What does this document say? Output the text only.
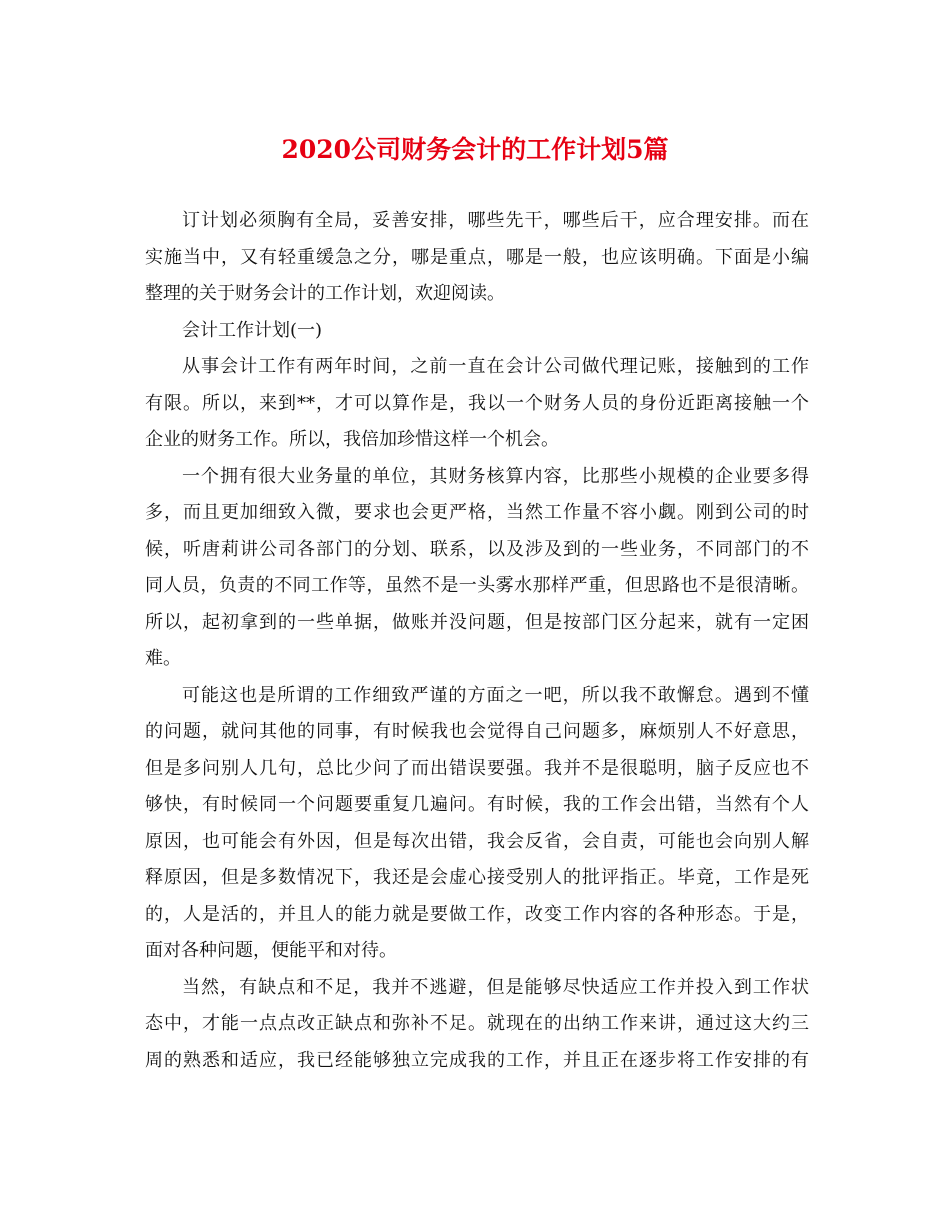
2020公司财务会计的工作计划5篇
订计划必须胸有全局，妥善安排，哪些先干，哪些后干，应合理安排。而在
实施当中，又有轻重缓急之分，哪是重点，哪是一般，也应该明确。下面是小编
整理的关于财务会计的工作计划，欢迎阅读。
会计工作计划(一)
从事会计工作有两年时间，之前一直在会计公司做代理记账，接触到的工作
有限。所以，来到**，才可以算作是，我以一个财务人员的身份近距离接触一个
企业的财务工作。所以，我倍加珍惜这样一个机会。
一个拥有很大业务量的单位，其财务核算内容，比那些小规模的企业要多得
多，而且更加细致入微，要求也会更严格，当然工作量不容小觑。刚到公司的时
候，听唐莉讲公司各部门的分划、联系，以及涉及到的一些业务，不同部门的不
同人员，负责的不同工作等，虽然不是一头雾水那样严重，但思路也不是很清晰。
所以，起初拿到的一些单据，做账并没问题，但是按部门区分起来，就有一定困
难。
可能这也是所谓的工作细致严谨的方面之一吧，所以我不敢懈怠。遇到不懂
的问题，就问其他的同事，有时候我也会觉得自己问题多，麻烦别人不好意思，
但是多问别人几句，总比少问了而出错误要强。我并不是很聪明，脑子反应也不
够快，有时候同一个问题要重复几遍问。有时候，我的工作会出错，当然有个人
原因，也可能会有外因，但是每次出错，我会反省，会自责，可能也会向别人解
释原因，但是多数情况下，我还是会虚心接受别人的批评指正。毕竟，工作是死
的，人是活的，并且人的能力就是要做工作，改变工作内容的各种形态。于是，
面对各种问题，便能平和对待。
当然，有缺点和不足，我并不逃避，但是能够尽快适应工作并投入到工作状
态中，才能一点点改正缺点和弥补不足。就现在的出纳工作来讲，通过这大约三
周的熟悉和适应，我已经能够独立完成我的工作，并且正在逐步将工作安排的有
